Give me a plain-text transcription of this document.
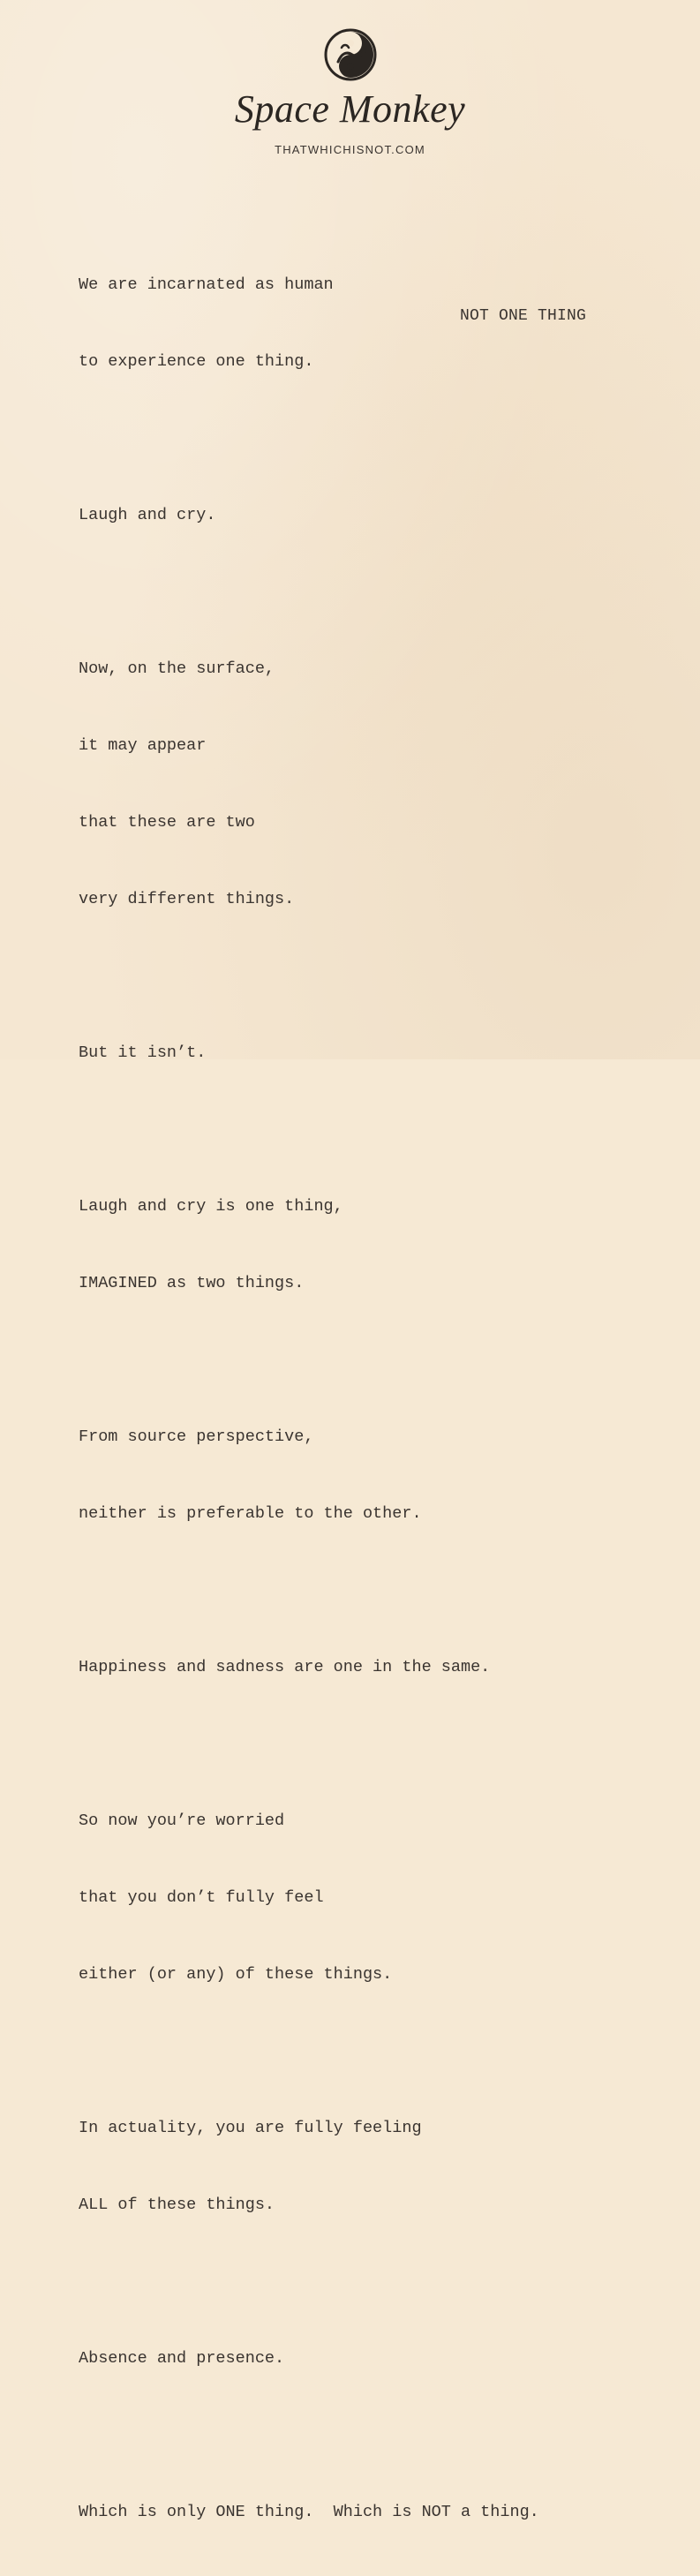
Space Monkey
THATWHICHISNOT.COM
NOT ONE THING

We are incarnated as human

to experience one thing.

Laugh and cry.

Now, on the surface,

it may appear

that these are two

very different things.

But it isn’t.

Laugh and cry is one thing,

IMAGINED as two things.

From source perspective,

neither is preferable to the other.

Happiness and sadness are one in the same.

So now you’re worried

that you don’t fully feel

either (or any) of these things.

In actuality, you are fully feeling

ALL of these things.

Absence and presence.

Which is only ONE thing.  Which is NOT a thing.
